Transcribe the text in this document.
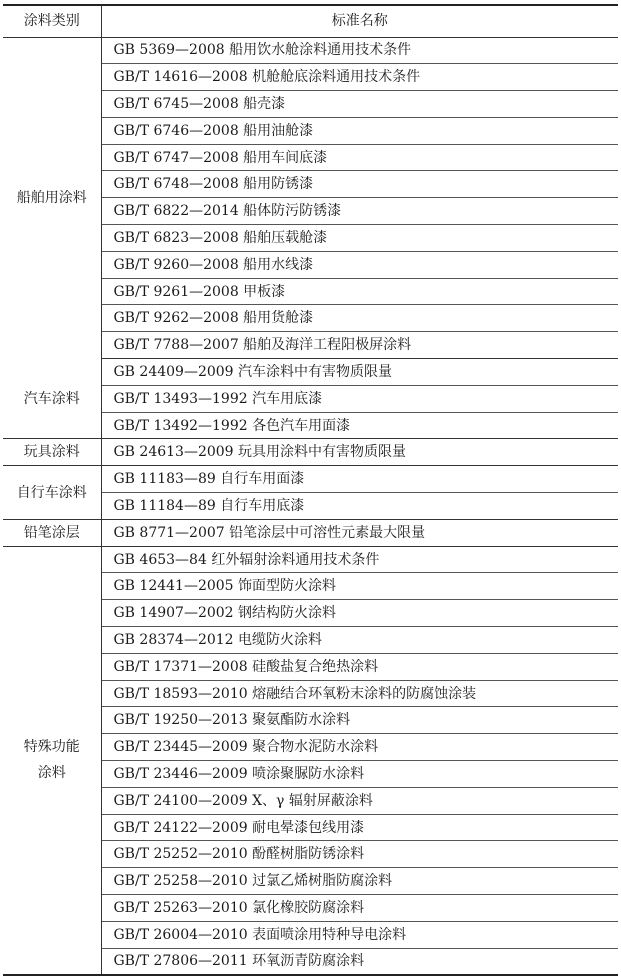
涂料类别	标准名称
船舶用涂料	GB 5369—2008 船用饮水舱涂料通用技术条件
	GB/T 14616—2008 机舱舱底涂料通用技术条件
	GB/T 6745—2008 船壳漆
	GB/T 6746—2008 船用油舱漆
	GB/T 6747—2008 船用车间底漆
	GB/T 6748—2008 船用防锈漆
	GB/T 6822—2014 船体防污防锈漆
	GB/T 6823—2008 船舶压载舱漆
	GB/T 9260—2008 船用水线漆
	GB/T 9261—2008 甲板漆
	GB/T 9262—2008 船用货舱漆
	GB/T 7788—2007 船舶及海洋工程阳极屏涂料
汽车涂料	GB 24409—2009 汽车涂料中有害物质限量
	GB/T 13493—1992 汽车用底漆
	GB/T 13492—1992 各色汽车用面漆
玩具涂料	GB 24613—2009 玩具用涂料中有害物质限量
自行车涂料	GB 11183—89 自行车用面漆
	GB 11184—89 自行车用底漆
铅笔涂层	GB 8771—2007 铅笔涂层中可溶性元素最大限量

特殊功能
涂料	GB 4653—84 红外辐射涂料通用技术条件
	GB 12441—2005 饰面型防火涂料
	GB 14907—2002 钢结构防火涂料
	GB 28374—2012 电缆防火涂料
	GB/T 17371—2008 硅酸盐复合绝热涂料
	GB/T 18593—2010 熔融结合环氧粉末涂料的防腐蚀涂装
	GB/T 19250—2013 聚氨酯防水涂料
	GB/T 23445—2009 聚合物水泥防水涂料
	GB/T 23446—2009 喷涂聚脲防水涂料
	GB/T 24100—2009 X、γ 辐射屏蔽涂料
	GB/T 24122—2009 耐电晕漆包线用漆
	GB/T 25252—2010 酚醛树脂防锈涂料
	GB/T 25258—2010 过氯乙烯树脂防腐涂料
	GB/T 25263—2010 氯化橡胶防腐涂料
	GB/T 26004—2010 表面喷涂用特种导电涂料
	GB/T 27806—2011 环氧沥青防腐涂料
